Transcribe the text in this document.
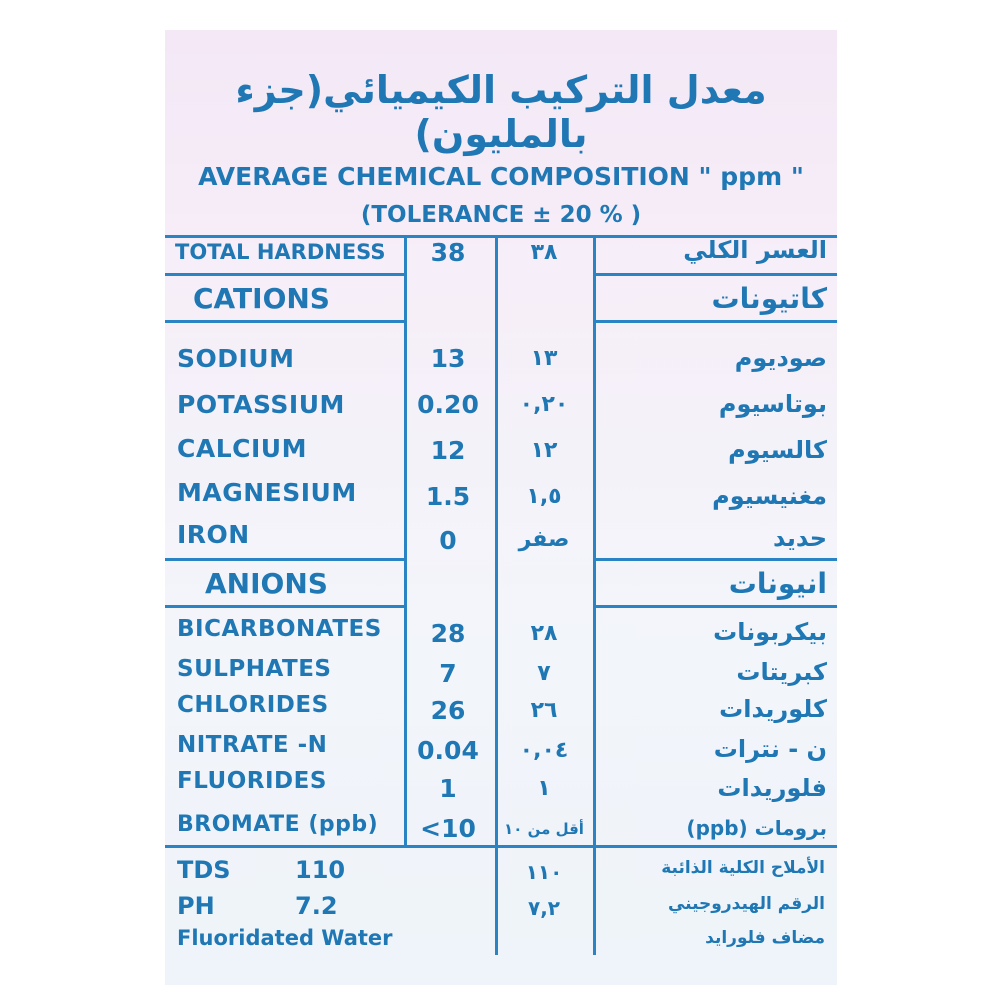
معدل التركيب الكيميائي(جزء بالمليون)
AVERAGE CHEMICAL COMPOSITION " ppm "
(TOLERANCE ± 20 % )
TOTAL HARDNESS	38	٣٨	العسر الكلي
CATIONS	كاتيونات
SODIUM	13	١٣	صوديوم
POTASSIUM	0.20	٠,٢٠	بوتاسيوم
CALCIUM	12	١٢	كالسيوم
MAGNESIUM	1.5	١,٥	مغنيسيوم
IRON	0	صفر	حديد
ANIONS	انيونات
BICARBONATES	28	٢٨	بيكربونات
SULPHATES	7	٧	كبريتات
CHLORIDES	26	٢٦	كلوريدات
NITRATE -N	0.04	٠,٠٤	ن - نترات
FLUORIDES	1	١	فلوريدات
BROMATE (ppb)	<10	أقل من ١٠	برومات (ppb)
TDS	110	١١٠	الأملاح الكلية الذائبة
PH	7.2	٧,٢	الرقم الهيدروجيني
Fluoridated Water	مضاف فلورايد
